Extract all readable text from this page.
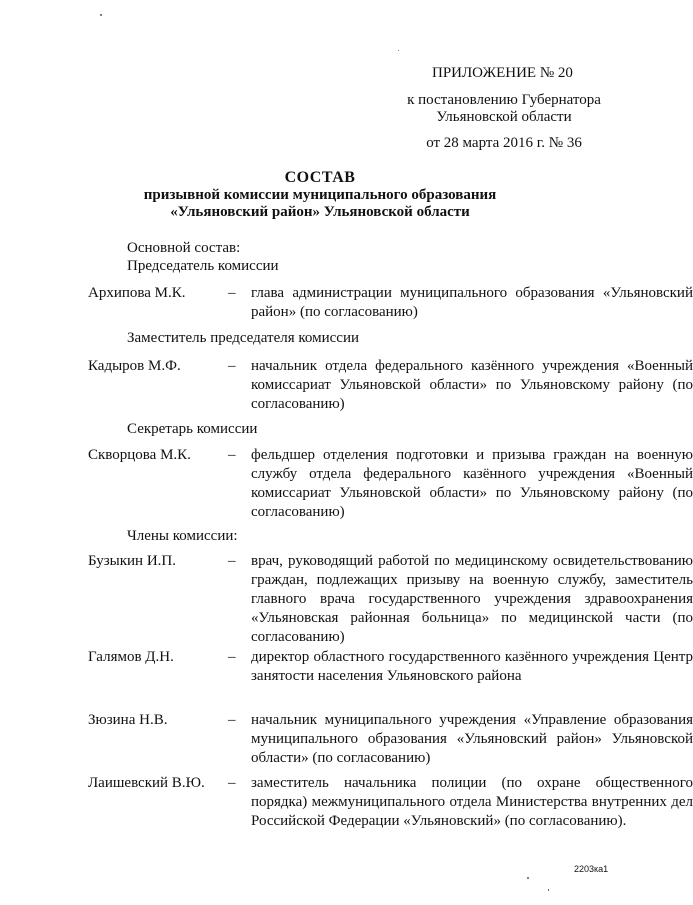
ПРИЛОЖЕНИЕ № 20
к постановлению Губернатора
Ульяновской области
от 28 марта 2016 г. № 36
СОСТАВ
призывной комиссии муниципального образования
«Ульяновский район» Ульяновской области
Основной состав:
Председатель комиссии
Архипова М.К.	– глава администрации муниципального образования «Ульяновский район» (по согласованию)
Заместитель председателя комиссии
Кадыров М.Ф.	– начальник отдела федерального казённого учреждения «Военный комиссариат Ульяновской области» по Ульяновскому району (по согласованию)
Секретарь комиссии
Скворцова М.К. – фельдшер отделения подготовки и призыва граждан на военную службу отдела федерального казённого учреждения «Военный комиссариат Ульяновской области» по Ульяновскому району (по согласованию)
Члены комиссии:
Бузыкин И.П.	– врач, руководящий работой по медицинскому освидетельствованию граждан, подлежащих призыву на военную службу, заместитель главного врача государственного учреждения здравоохранения «Ульяновская районная больница» по медицинской части (по согласованию)
Галямов Д.Н.	– директор областного государственного казённого учреждения Центр занятости населения Ульяновского района
Зюзина Н.В.	– начальник муниципального учреждения «Управление образования муниципального образования «Ульяновский район» Ульяновской области» (по согласованию)
Лаишевский В.Ю. – заместитель начальника полиции (по охране общественного порядка) межмуниципального отдела Министерства внутренних дел Российской Федерации «Ульяновский» (по согласованию).
2203ка1
